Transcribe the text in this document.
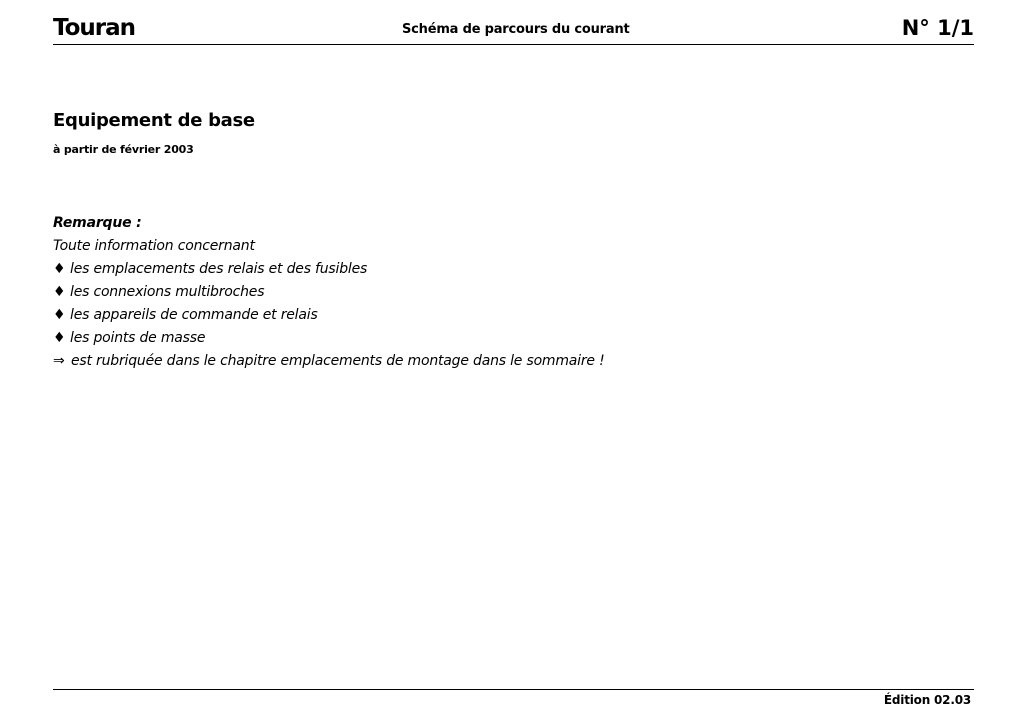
Touran	Schéma de parcours du courant	N° 1/1
Equipement de base
à partir de février 2003
Remarque :
Toute information concernant
♦ les emplacements des relais et des fusibles
♦ les connexions multibroches
♦ les appareils de commande et relais
♦ les points de masse
⇒ est rubriquée dans le chapitre emplacements de montage dans le sommaire !
Édition 02.03
